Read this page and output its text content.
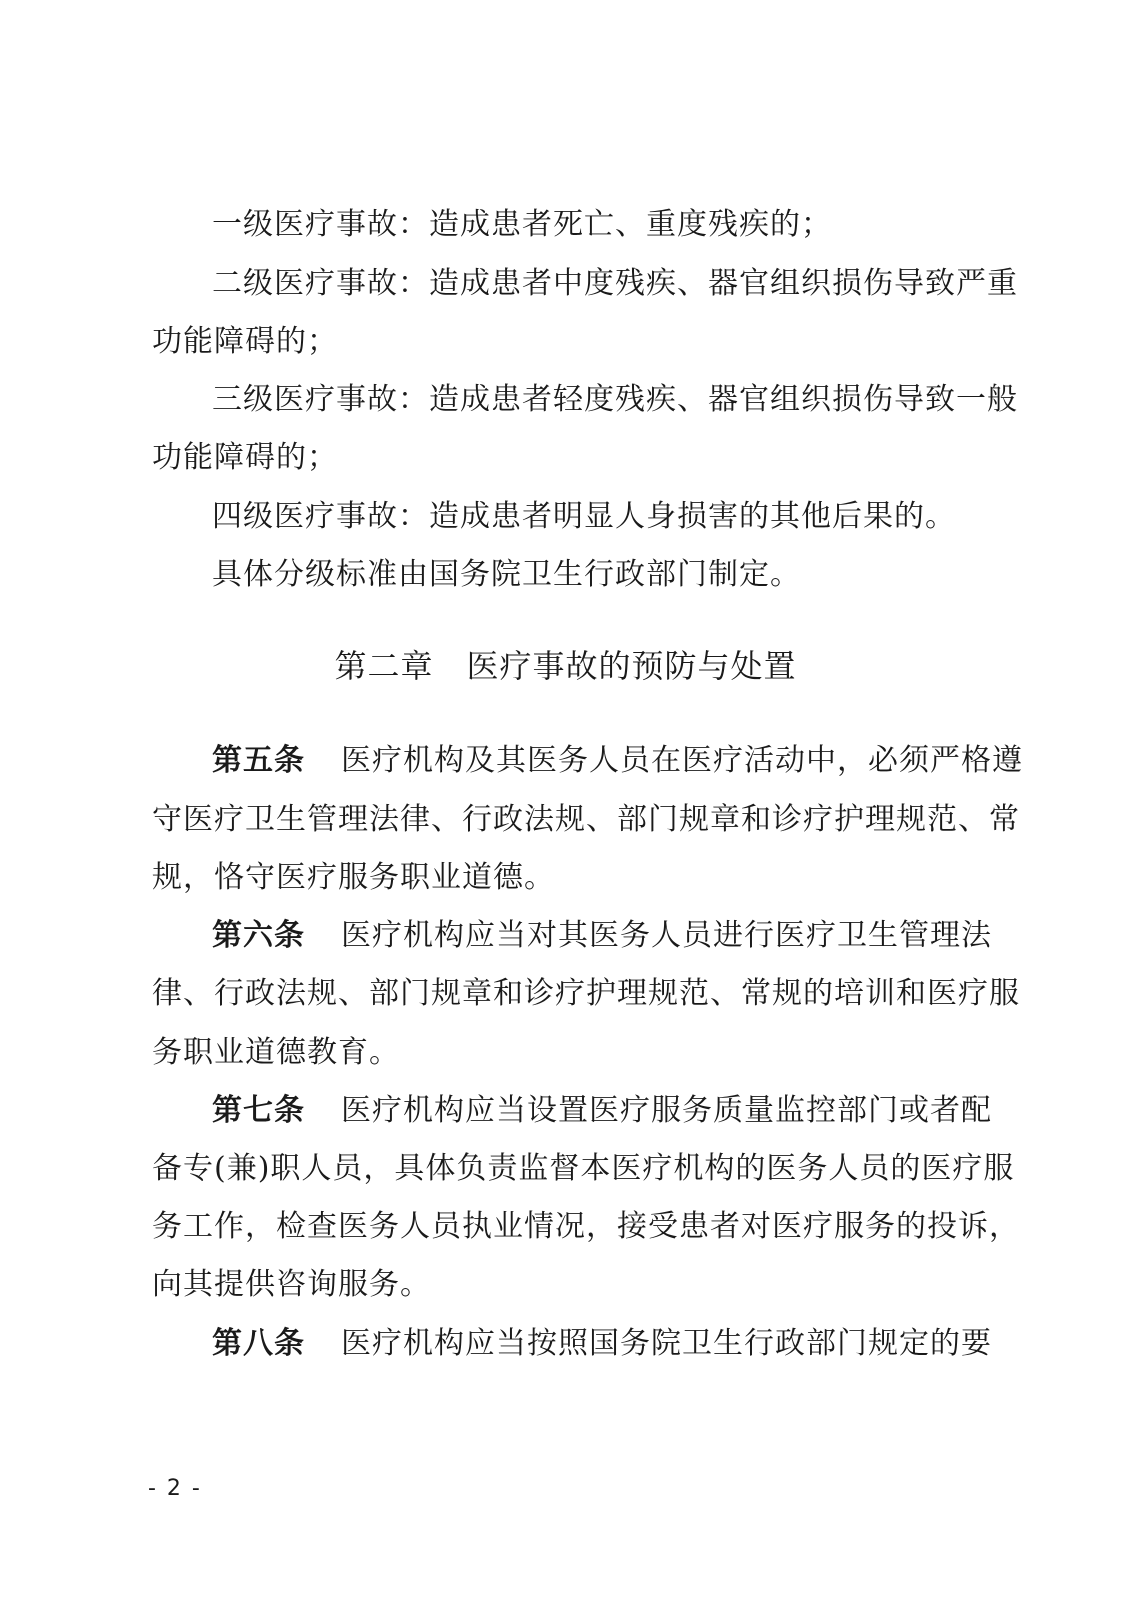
一级医疗事故：造成患者死亡、重度残疾的；
二级医疗事故：造成患者中度残疾、器官组织损伤导致严重
功能障碍的；
三级医疗事故：造成患者轻度残疾、器官组织损伤导致一般
功能障碍的；
四级医疗事故：造成患者明显人身损害的其他后果的。
具体分级标准由国务院卫生行政部门制定。
第二章　医疗事故的预防与处置
第五条 医疗机构及其医务人员在医疗活动中，必须严格遵
守医疗卫生管理法律、行政法规、部门规章和诊疗护理规范、常
规，恪守医疗服务职业道德。
第六条 医疗机构应当对其医务人员进行医疗卫生管理法
律、行政法规、部门规章和诊疗护理规范、常规的培训和医疗服
务职业道德教育。
第七条 医疗机构应当设置医疗服务质量监控部门或者配
备专(兼)职人员，具体负责监督本医疗机构的医务人员的医疗服
务工作，检查医务人员执业情况，接受患者对医疗服务的投诉，
向其提供咨询服务。
第八条 医疗机构应当按照国务院卫生行政部门规定的要
- 2 -
